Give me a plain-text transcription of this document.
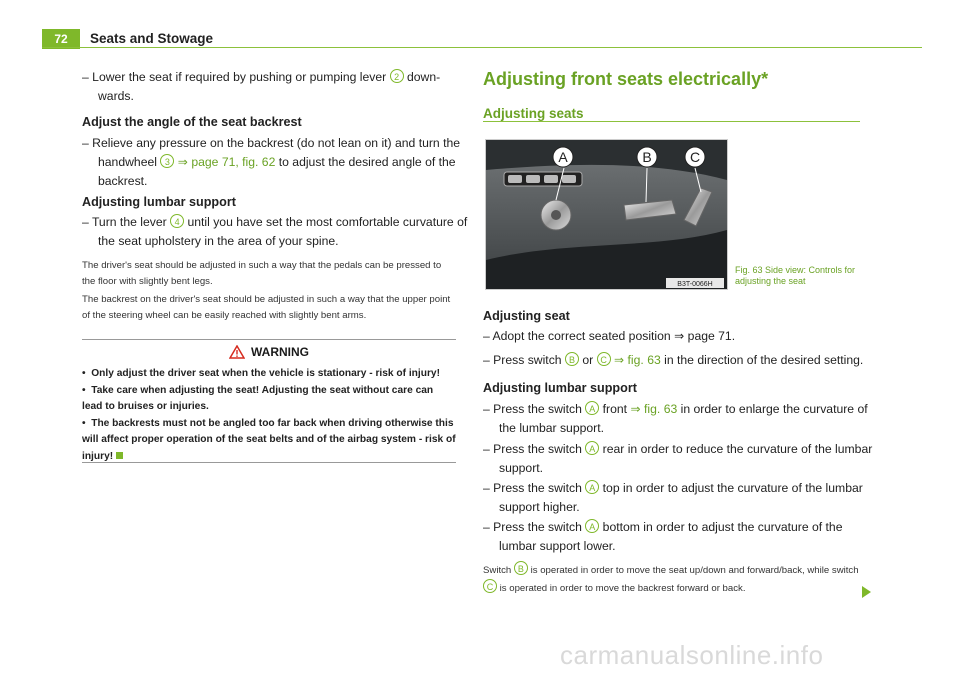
72	Seats and Stowage
– Lower the seat if required by pushing or pumping lever 2 down-wards.
Adjust the angle of the seat backrest
– Relieve any pressure on the backrest (do not lean on it) and turn the handwheel 3 ⇒ page 71, fig. 62 to adjust the desired angle of the backrest.
Adjusting lumbar support
– Turn the lever 4 until you have set the most comfortable curvature of the seat upholstery in the area of your spine.
The driver's seat should be adjusted in such a way that the pedals can be pressed to the floor with slightly bent legs.
The backrest on the driver's seat should be adjusted in such a way that the upper point of the steering wheel can be easily reached with slightly bent arms.
WARNING
•  Only adjust the driver seat when the vehicle is stationary - risk of injury!
•  Take care when adjusting the seat! Adjusting the seat without care can lead to bruises or injuries.
•  The backrests must not be angled too far back when driving otherwise this will affect proper operation of the seat belts and of the airbag system - risk of injury!
Adjusting front seats electrically*
Adjusting seats
A	B	C
B3T-0066H
Fig. 63 Side view: Controls for adjusting the seat
Adjusting seat
– Adopt the correct seated position ⇒ page 71.
– Press switch B or C ⇒ fig. 63 in the direction of the desired setting.
Adjusting lumbar support
– Press the switch A front ⇒ fig. 63 in order to enlarge the curvature of the lumbar support.
– Press the switch A rear in order to reduce the curvature of the lumbar support.
– Press the switch A top in order to adjust the curvature of the lumbar support higher.
– Press the switch A bottom in order to adjust the curvature of the lumbar support lower.
Switch B is operated in order to move the seat up/down and forward/back, while switch C is operated in order to move the backrest forward or back.
carmanualsonline.info
